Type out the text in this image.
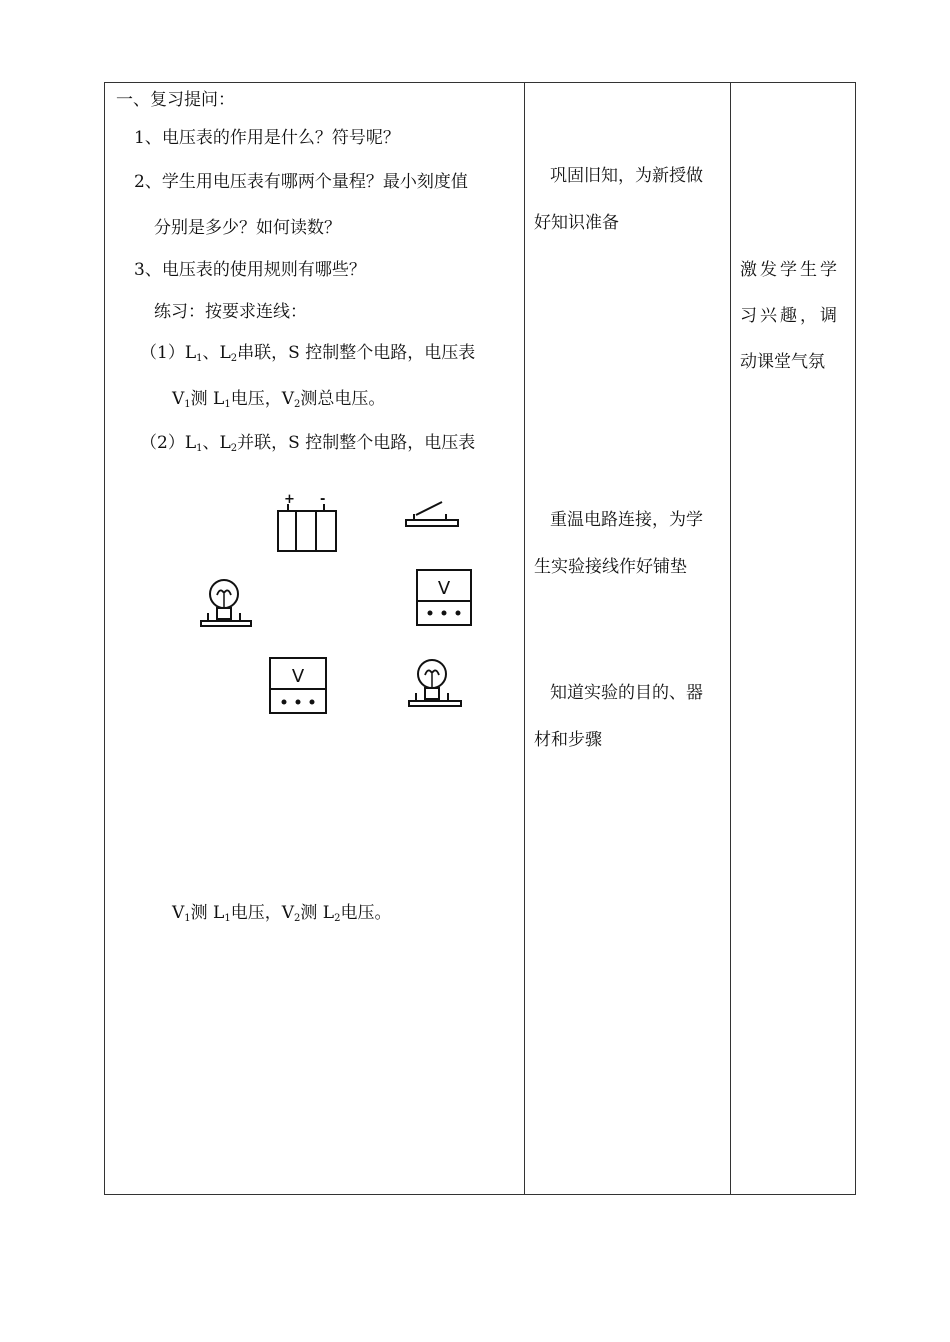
一、复习提问：
1、电压表的作用是什么？符号呢？
2、学生用电压表有哪两个量程？最小刻度值
分别是多少？如何读数？
3、电压表的使用规则有哪些？
练习：按要求连线：
$(1)L_1$、$L_2$串联，S 控制整个电路，电压表
$V_1$测 $L_1$电压，$V_2$测总电压。
$(2)L_1$、$L_2$并联，S 控制整个电路，电压表
+ -
V
V
$V_1$测 $L_1$电压，$V_2$测 $L_2$电压。
巩固旧知，为新授做
好知识准备
重温电路连接，为学
生实验接线作好铺垫
知道实验的目的、器
材和步骤
激发学生学
习兴趣，调
动课堂气氛
